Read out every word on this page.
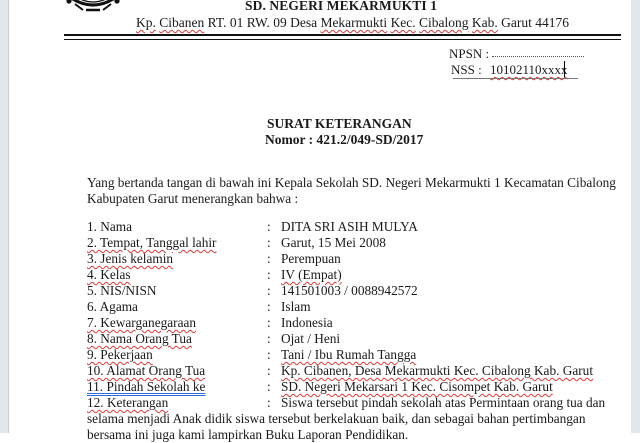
SD. NEGERI MEKARMUKTI 1
Kp. Cibanen RT. 01 RW. 09 Desa Mekarmukti Kec. Cibalong Kab. Garut 44176
NPSN :
NSS : 10102110xxxx
SURAT KETERANGAN
Nomor : 421.2/049-SD/2017
Yang bertanda tangan di bawah ini Kepala Sekolah SD. Negeri Mekarmukti 1 Kecamatan Cibalong
Kabupaten Garut menerangkan bahwa :
1. Nama	: DITA SRI ASIH MULYA
2. Tempat, Tanggal lahir	: Garut, 15 Mei 2008
3. Jenis kelamin	: Perempuan
4. Kelas	: IV (Empat)
5. NIS/NISN	: 141501003 / 0088942572
6. Agama	: Islam
7. Kewarganegaraan	: Indonesia
8. Nama Orang Tua	: Ojat / Heni
9. Pekerjaan	: Tani / Ibu Rumah Tangga
10. Alamat Orang Tua	: Kp. Cibanen, Desa Mekarmukti Kec. Cibalong Kab. Garut
11. Pindah Sekolah ke	: SD. Negeri Mekarsari 1 Kec. Cisompet Kab. Garut
12. Keterangan	: Siswa tersebut pindah sekolah atas Permintaan orang tua dan
selama menjadi Anak didik siswa tersebut berkelakuan baik, dan sebagai bahan pertimbangan
bersama ini juga kami lampirkan Buku Laporan Pendidikan.
